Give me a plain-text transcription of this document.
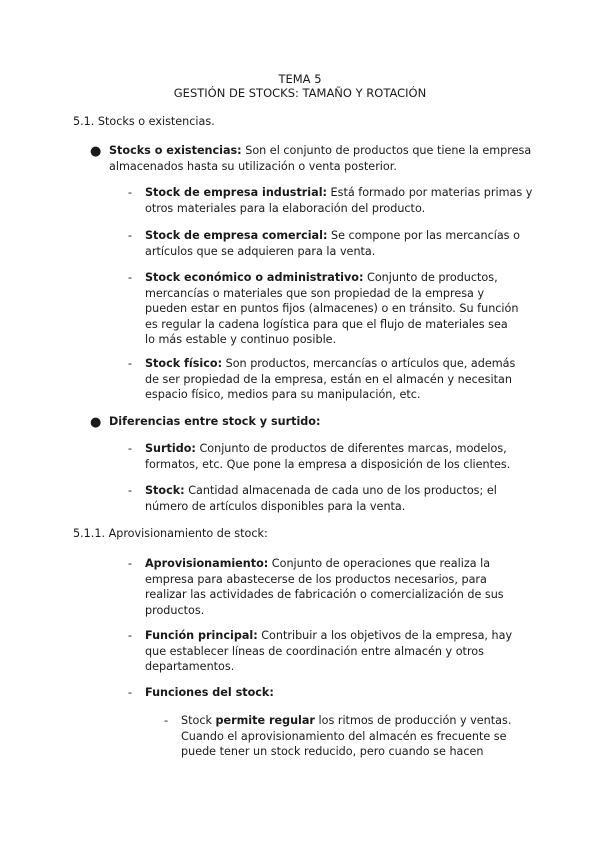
TEMA 5
GESTIÓN DE STOCKS: TAMAÑO Y ROTACIÓN
5.1. Stocks o existencias.
● Stocks o existencias: Son el conjunto de productos que tiene la empresa
almacenados hasta su utilización o venta posterior.
- Stock de empresa industrial: Está formado por materias primas y
otros materiales para la elaboración del producto.
- Stock de empresa comercial: Se compone por las mercancías o
artículos que se adquieren para la venta.
- Stock económico o administrativo: Conjunto de productos,
mercancías o materiales que son propiedad de la empresa y
pueden estar en puntos fijos (almacenes) o en tránsito. Su función
es regular la cadena logística para que el flujo de materiales sea
lo más estable y continuo posible.
- Stock físico: Son productos, mercancías o artículos que, además
de ser propiedad de la empresa, están en el almacén y necesitan
espacio físico, medios para su manipulación, etc.
● Diferencias entre stock y surtido:
- Surtido: Conjunto de productos de diferentes marcas, modelos,
formatos, etc. Que pone la empresa a disposición de los clientes.
- Stock: Cantidad almacenada de cada uno de los productos; el
número de artículos disponibles para la venta.
5.1.1. Aprovisionamiento de stock:
- Aprovisionamiento: Conjunto de operaciones que realiza la
empresa para abastecerse de los productos necesarios, para
realizar las actividades de fabricación o comercialización de sus
productos.
- Función principal: Contribuir a los objetivos de la empresa, hay
que establecer líneas de coordinación entre almacén y otros
departamentos.
- Funciones del stock:
- Stock permite regular los ritmos de producción y ventas.
Cuando el aprovisionamiento del almacén es frecuente se
puede tener un stock reducido, pero cuando se hacen
